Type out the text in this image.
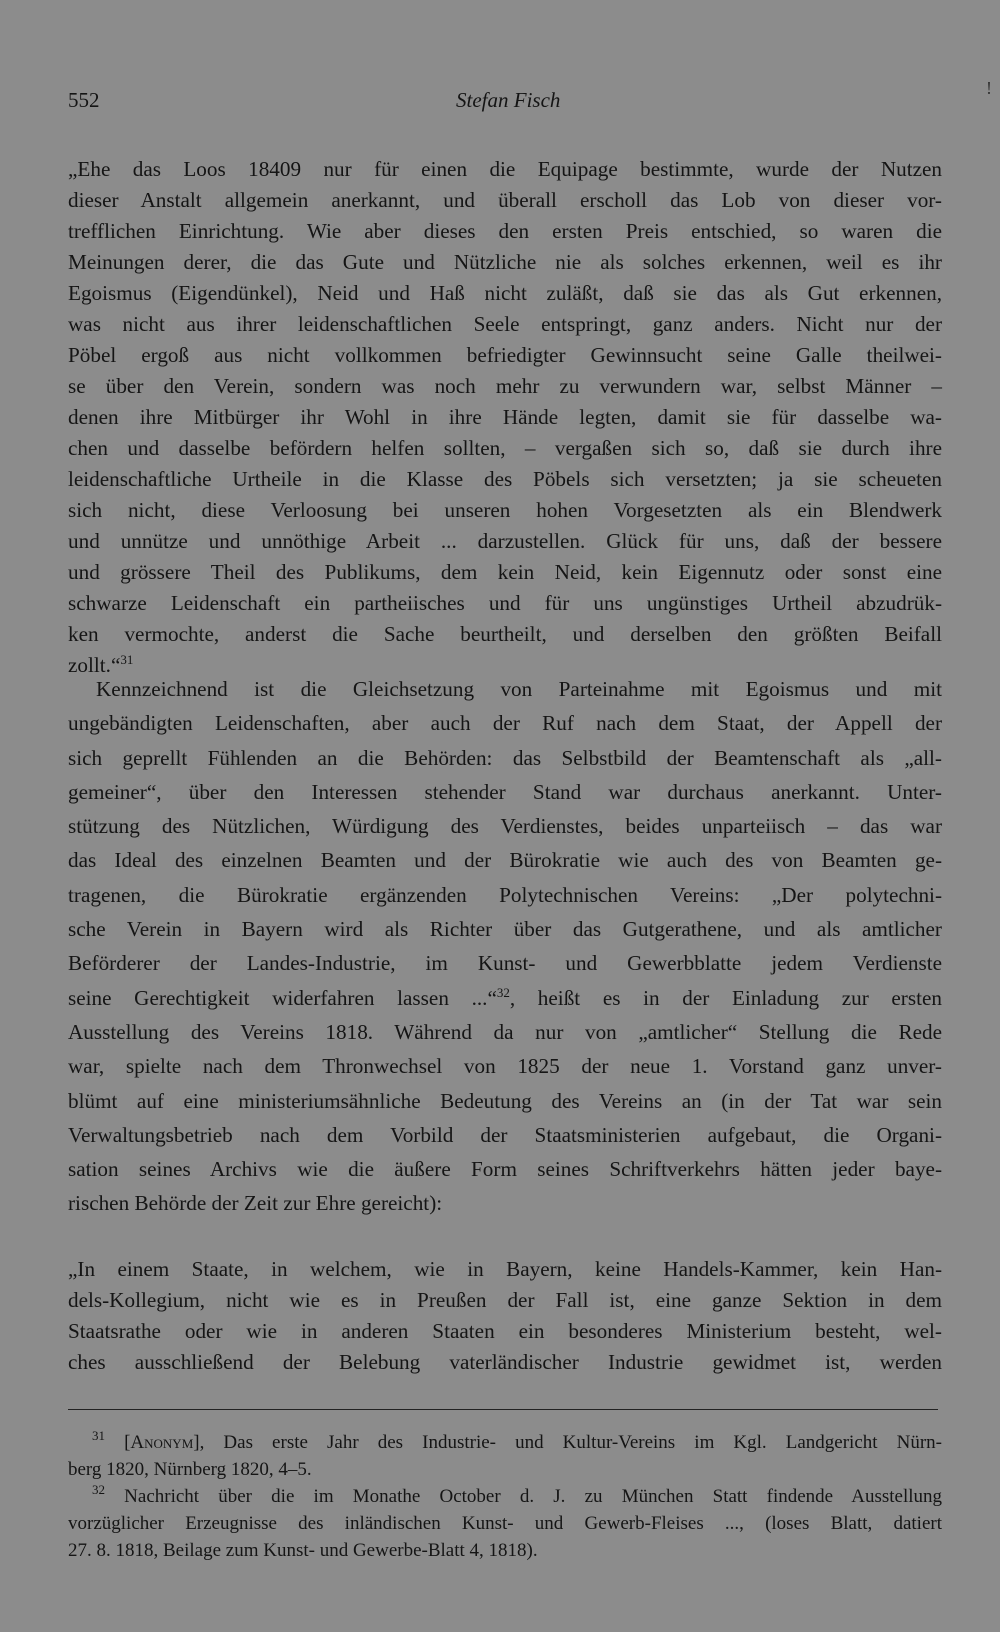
552	Stefan Fisch	!
„Ehe das Loos 18409 nur für einen die Equipage bestimmte, wurde der Nutzen
dieser Anstalt allgemein anerkannt, und überall erscholl das Lob von dieser vor-
trefflichen Einrichtung. Wie aber dieses den ersten Preis entschied, so waren die
Meinungen derer, die das Gute und Nützliche nie als solches erkennen, weil es ihr
Egoismus (Eigendünkel), Neid und Haß nicht zuläßt, daß sie das als Gut erkennen,
was nicht aus ihrer leidenschaftlichen Seele entspringt, ganz anders. Nicht nur der
Pöbel ergoß aus nicht vollkommen befriedigter Gewinnsucht seine Galle theilwei-
se über den Verein, sondern was noch mehr zu verwundern war, selbst Männer –
denen ihre Mitbürger ihr Wohl in ihre Hände legten, damit sie für dasselbe wa-
chen und dasselbe befördern helfen sollten, – vergaßen sich so, daß sie durch ihre
leidenschaftliche Urtheile in die Klasse des Pöbels sich versetzten; ja sie scheueten
sich nicht, diese Verloosung bei unseren hohen Vorgesetzten als ein Blendwerk
und unnütze und unnöthige Arbeit ... darzustellen. Glück für uns, daß der bessere
und grössere Theil des Publikums, dem kein Neid, kein Eigennutz oder sonst eine
schwarze Leidenschaft ein partheiisches und für uns ungünstiges Urtheil abzudrük-
ken vermochte, anderst die Sache beurtheilt, und derselben den größten Beifall
zollt.“$^{31}$
Kennzeichnend ist die Gleichsetzung von Parteinahme mit Egoismus und mit
ungebändigten Leidenschaften, aber auch der Ruf nach dem Staat, der Appell der
sich geprellt Fühlenden an die Behörden: das Selbstbild der Beamtenschaft als „all-
gemeiner“, über den Interessen stehender Stand war durchaus anerkannt. Unter-
stützung des Nützlichen, Würdigung des Verdienstes, beides unparteiisch – das war
das Ideal des einzelnen Beamten und der Bürokratie wie auch des von Beamten ge-
tragenen, die Bürokratie ergänzenden Polytechnischen Vereins: „Der polytechni-
sche Verein in Bayern wird als Richter über das Gutgerathene, und als amtlicher
Beförderer der Landes-Industrie, im Kunst- und Gewerbblatte jedem Verdienste
seine Gerechtigkeit widerfahren lassen ...“$^{32}$, heißt es in der Einladung zur ersten
Ausstellung des Vereins 1818. Während da nur von „amtlicher“ Stellung die Rede
war, spielte nach dem Thronwechsel von 1825 der neue 1. Vorstand ganz unver-
blümt auf eine ministeriumsähnliche Bedeutung des Vereins an (in der Tat war sein
Verwaltungsbetrieb nach dem Vorbild der Staatsministerien aufgebaut, die Organi-
sation seines Archivs wie die äußere Form seines Schriftverkehrs hätten jeder baye-
rischen Behörde der Zeit zur Ehre gereicht):
„In einem Staate, in welchem, wie in Bayern, keine Handels-Kammer, kein Han-
dels-Kollegium, nicht wie es in Preußen der Fall ist, eine ganze Sektion in dem
Staatsrathe oder wie in anderen Staaten ein besonderes Ministerium besteht, wel-
ches ausschließend der Belebung vaterländischer Industrie gewidmet ist, werden
$^{31}$ [Anonym], Das erste Jahr des Industrie- und Kultur-Vereins im Kgl. Landgericht Nürn-
berg 1820, Nürnberg 1820, 4–5.
$^{32}$ Nachricht über die im Monathe October d. J. zu München Statt findende Ausstellung
vorzüglicher Erzeugnisse des inländischen Kunst- und Gewerb-Fleises ..., (loses Blatt, datiert
27. 8. 1818, Beilage zum Kunst- und Gewerbe-Blatt 4, 1818).
